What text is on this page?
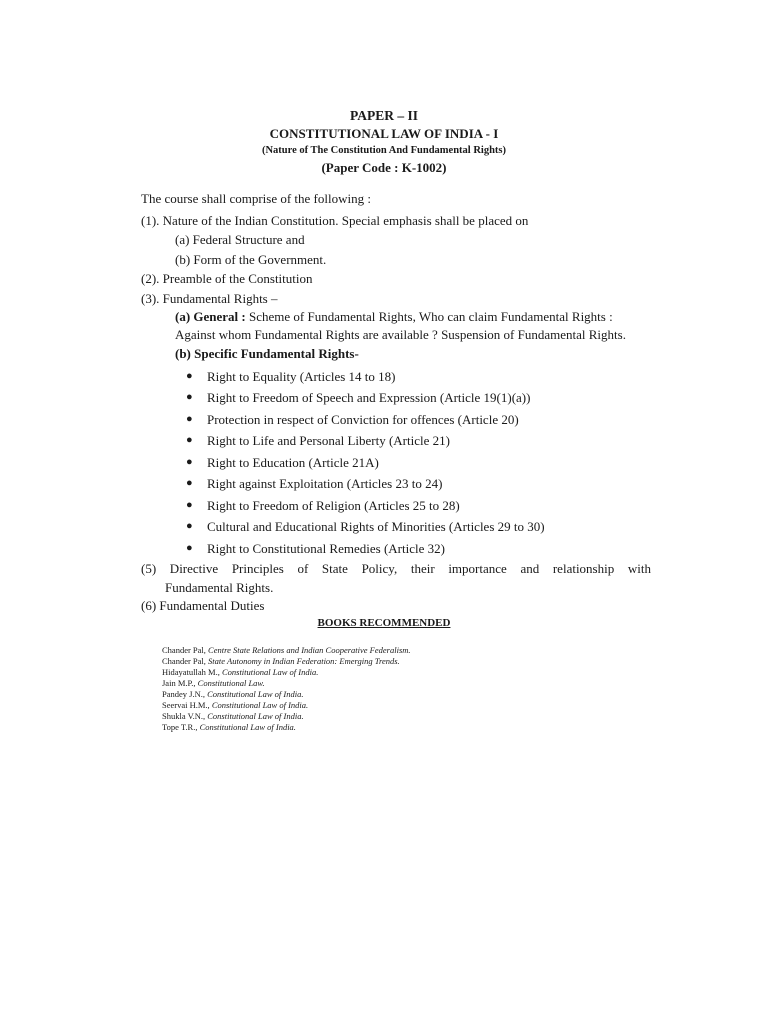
PAPER – II
CONSTITUTIONAL LAW OF INDIA - I
(Nature of The Constitution And Fundamental Rights)
(Paper Code : K-1002)

The course shall comprise of the following :

(1). Nature of the Indian Constitution. Special emphasis shall be placed on

(a) Federal Structure and

(b) Form of the Government.

(2). Preamble of the Constitution

(3). Fundamental Rights –

(a) General : Scheme of Fundamental Rights, Who can claim Fundamental Rights : Against whom Fundamental Rights are available ? Suspension of Fundamental Rights.

(b) Specific Fundamental Rights-

● Right to Equality (Articles 14 to 18)
● Right to Freedom of Speech and Expression (Article 19(1)(a))
● Protection in respect of Conviction for offences (Article 20)
● Right to Life and Personal Liberty (Article 21)
● Right to Education (Article 21A)
● Right against Exploitation (Articles 23 to 24)
● Right to Freedom of Religion (Articles 25 to 28)
● Cultural and Educational Rights of Minorities (Articles 29 to 30)
● Right to Constitutional Remedies (Article 32)

(5) Directive Principles of State Policy, their importance and relationship with

Fundamental Rights.

(6) Fundamental Duties

BOOKS RECOMMENDED
Chander Pal, Centre State Relations and Indian Cooperative Federalism.
Chander Pal, State Autonomy in Indian Federation: Emerging Trends.
Hidayatullah M., Constitutional Law of India.
Jain M.P., Constitutional Law.
Pandey J.N., Constitutional Law of India.
Seervai H.M., Constitutional Law of India.
Shukla V.N., Constitutional Law of India.
Tope T.R., Constitutional Law of India.
